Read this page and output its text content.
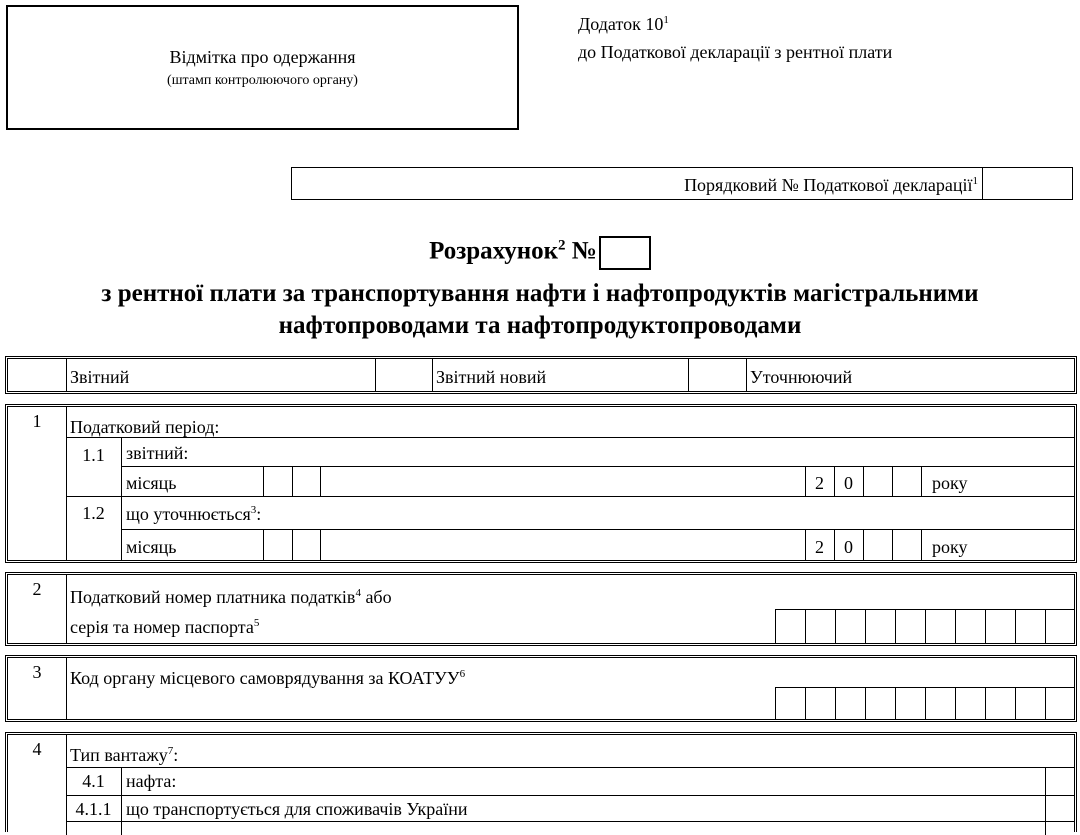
Відмітка про одержання
(штамп контролюючого органу)
Додаток $10^1$
до Податкової декларації з рентної плати
Порядковий № Податкової декларації$^1$
Розрахунок$^2$ №
з рентної плати за транспортування нафти і нафтопродуктів магістральними
нафтопроводами та нафтопродуктопроводами
Звітний	Звітний новий	Уточнюючий
1	Податковий період:
1.1	звітний:
місяць	2	0	року
1.2	що уточнюється$^3$:
місяць	2	0	року
2	Податковий номер платника податків$^4$ або
серія та номер паспорта$^5$
3	Код органу місцевого самоврядування за КОАТУУ$^6$
4	Тип вантажу$^7$:
4.1	нафта:
4.1.1 що транспортується для споживачів України
